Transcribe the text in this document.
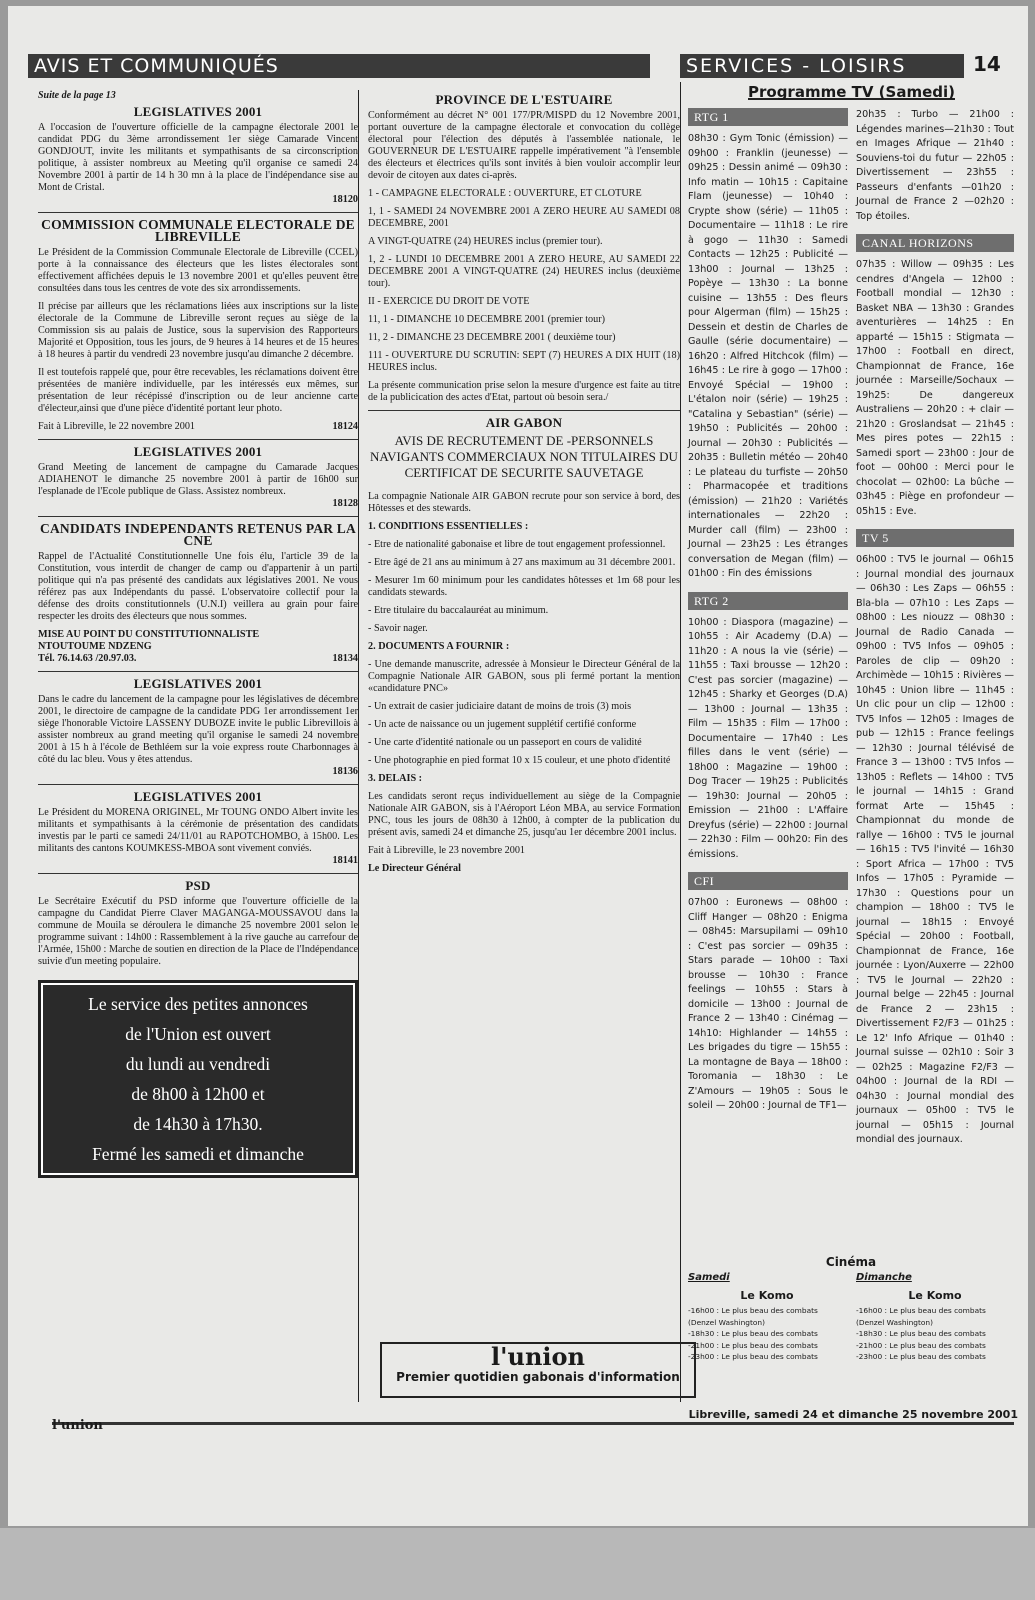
AVIS ET COMMUNIQUÉS	SERVICES - LOISIRS	14
Suite de la page 13
LEGISLATIVES 2001

A l'occasion de l'ouverture officielle de la campagne électorale 2001 le candidat PDG du 3ème arrondissement 1er siège Camarade Vincent GONDJOUT, invite les militants et sympathisants de sa circonscription politique, à assister nombreux au Meeting qu'il organise ce samedi 24 Novembre 2001 à partir de 14 h 30 mn à la place de l'indépendance sise au Mont de Cristal.

18120
COMMISSION COMMUNALE ELECTORALE DE LIBREVILLE

Le Président de la Commission Communale Electorale de Libreville (CCEL) porte à la connaissance des électeurs que les listes électorales sont effectivement affichées depuis le 13 novembre 2001 et qu'elles peuvent être consultées dans tous les centres de vote des six arrondissements.

Il précise par ailleurs que les réclamations liées aux inscriptions sur la liste électorale de la Commune de Libreville seront reçues au siège de la Commission sis au palais de Justice, sous la supervision des Rapporteurs Majorité et Opposition, tous les jours, de 9 heures à 14 heures et de 15 heures à 18 heures à partir du vendredi 23 novembre jusqu'au dimanche 2 décembre.

Il est toutefois rappelé que, pour être recevables, les réclamations doivent être présentées de manière individuelle, par les intéressés eux mêmes, sur présentation de leur récépissé d'inscription ou de leur ancienne carte d'électeur,ainsi que d'une pièce d'identité portant leur photo.

Fait à Libreville, le 22 novembre 2001	18124
LEGISLATIVES 2001

Grand Meeting de lancement de campagne du Camarade Jacques ADIAHENOT le dimanche 25 novembre 2001 à partir de 16h00 sur l'esplanade de l'Ecole publique de Glass. Assistez nombreux.

18128
CANDIDATS INDEPENDANTS RETENUS PAR LA CNE

Rappel de l'Actualité Constitutionnelle Une fois élu, l'article 39 de la Constitution, vous interdit de changer de camp ou d'appartenir à un parti politique qui n'a pas présenté des candidats aux législatives 2001. Ne vous référez pas aux Indépendants du passé. L'observatoire collectif pour la défense des droits constitutionnels (U.N.I) veillera au grain pour faire respecter les droits des électeurs que nous sommes.

MISE AU POINT DU CONSTITUTIONNALISTE
NTOUTOUME NDZENG
Tél. 76.14.63 /20.97.03.	18134
LEGISLATIVES 2001

Dans le cadre du lancement de la campagne pour les législatives de décembre 2001, le directoire de campagne de la candidate PDG 1er arrondissement 1er siège l'honorable Victoire LASSENY DUBOZE invite le public Librevillois à assister nombreux au grand meeting qu'il organise le samedi 24 novembre 2001 à 15 h à l'école de Bethléem sur la voie express route Charbonnages à côté du lac bleu. Vous y êtes attendus.

18136
LEGISLATIVES 2001

Le Président du MORENA ORIGINEL, Mr TOUNG ONDO Albert invite les militants et sympathisants à la cérémonie de présentation des candidats investis par le parti ce samedi 24/11/01 au RAPOTCHOMBO, à 15h00. Les militants des cantons KOUMKESS-MBOA sont vivement conviés.

18141
PSD

Le Secrétaire Exécutif du PSD informe que l'ouverture officielle de la campagne du Candidat Pierre Claver MAGANGA-MOUSSAVOU dans la commune de Mouila se déroulera le dimanche 25 novembre 2001 selon le programme suivant : 14h00 : Rassemblement à la rive gauche au carrefour de l'Armée, 15h00 : Marche de soutien en direction de la Place de l'Indépendance suivie d'un meeting populaire.

Le service des petites annonces
de l'Union est ouvert
du lundi au vendredi
de 8h00 à 12h00 et
de 14h30 à 17h30.
Fermé les samedi et dimanche
PROVINCE DE L'ESTUAIRE

Conformément au décret N° 001 177/PR/MISPD du 12 Novembre 2001, portant ouverture de la campagne électorale et convocation du collège électoral pour l'élection des députés à l'assemblée nationale, le GOUVERNEUR DE L'ESTUAIRE rappelle impérativement "à l'ensemble des électeurs et électrices qu'ils sont invités à bien vouloir accomplir leur devoir de citoyen aux dates ci-après.

1 - CAMPAGNE ELECTORALE : OUVERTURE, ET CLOTURE

1, 1 - SAMEDI 24 NOVEMBRE 2001 A ZERO HEURE AU SAMEDI 08 DECEMBRE, 2001

A VINGT-QUATRE (24) HEURES inclus (premier tour).

1, 2 - LUNDI 10 DECEMBRE 2001 A ZERO HEURE, AU SAMEDI 22 DECEMBRE 2001 A VINGT-QUATRE (24) HEURES inclus (deuxième tour).

II - EXERCICE DU DROIT DE VOTE

11, 1 - DIMANCHE 10 DECEMBRE 2001 (premier tour)

11, 2 - DIMANCHE 23 DECEMBRE 2001 ( deuxième tour)

111 - OUVERTURE DU SCRUTIN: SEPT (7) HEURES A DIX HUIT (18) HEURES inclus.

La présente communication prise selon la mesure d'urgence est faite au titre de la publicication des actes d'Etat, partout où besoin sera./

AIR GABON
AVIS DE RECRUTEMENT DE -PERSONNELS NAVIGANTS COMMERCIAUX NON TITULAIRES DU CERTIFICAT DE SECURITE SAUVETAGE

La compagnie Nationale AIR GABON recrute pour son service à bord, des Hôtesses et des stewards.

1. CONDITIONS ESSENTIELLES :

- Etre de nationalité gabonaise et libre de tout engagement professionnel.

- Etre âgé de 21 ans au minimum à 27 ans maximum au 31 décembre 2001.

- Mesurer 1m 60 minimum pour les candidates hôtesses et 1m 68 pour les candidats stewards.

- Etre titulaire du baccalauréat au minimum.

- Savoir nager.

2. DOCUMENTS A FOURNIR :

- Une demande manuscrite, adressée à Monsieur le Directeur Général de la Compagnie Nationale AIR GABON, sous pli fermé portant la mention «candidature PNC»

- Un extrait de casier judiciaire datant de moins de trois (3) mois

- Un acte de naissance ou un jugement supplétif certifié conforme

- Une carte d'identité nationale ou un passeport en cours de validité

- Une photographie en pied format 10 x 15 couleur, et une photo d'identité

3. DELAIS :

Les candidats seront reçus individuellement au siège de la Compagnie Nationale AIR GABON, sis à l'Aéroport Léon MBA, au service Formation PNC, tous les jours de 08h30 à 12h00, à compter de la publication du présent avis, samedi 24 et dimanche 25, jusqu'au 1er décembre 2001 inclus.

Fait à Libreville, le 23 novembre 2001

Le Directeur Général

l'union
Premier quotidien gabonais d'information
Programme TV (Samedi)
RTG 1
08h30 : Gym Tonic (émission) —09h00 : Franklin (jeunesse) — 09h25 : Dessin animé — 09h30 : Info matin — 10h15 : Capitaine Flam (jeunesse) — 10h40 : Crypte show (série) — 11h05 : Documentaire — 11h18 : Le rire à gogo — 11h30 : Samedi Contacts — 12h25 : Publicité — 13h00 : Journal — 13h25 : Popèye — 13h30 : La bonne cuisine — 13h55 : Des fleurs pour Algerman (film) — 15h25 : Dessein et destin de Charles de Gaulle (série documentaire) — 16h20 : Alfred Hitchcok (film) — 16h45 : Le rire à gogo — 17h00 : Envoyé Spécial — 19h00 : L'étalon noir (série) — 19h25 : "Catalina y Sebastian" (série) — 19h50 : Publicités — 20h00 : Journal — 20h30 : Publicités — 20h35 : Bulletin météo — 20h40 : Le plateau du turfiste — 20h50 : Pharmacopée et traditions (émission) — 21h20 : Variétés internationales — 22h20 : Murder call (film) — 23h00 : Journal — 23h25 : Les étranges conversation de Megan (film) — 01h00 : Fin des émissions
RTG 2
10h00 : Diaspora (magazine) — 10h55 : Air Academy (D.A) — 11h20 : A nous la vie (série) — 11h55 : Taxi brousse — 12h20 : C'est pas sorcier (magazine) — 12h45 : Sharky et Georges (D.A) — 13h00 : Journal — 13h35 : Film — 15h35 : Film — 17h00 : Documentaire — 17h40 : Les filles dans le vent (série) — 18h00 : Magazine — 19h00 : Dog Tracer — 19h25 : Publicités — 19h30: Journal — 20h05 : Emission — 21h00 : L'Affaire Dreyfus (série) — 22h00 : Journal — 22h30 : Film — 00h20: Fin des émissions.
CFI
07h00 : Euronews — 08h00 : Cliff Hanger — 08h20 : Enigma — 08h45: Marsupilami — 09h10 : C'est pas sorcier — 09h35 : Stars parade — 10h00 : Taxi brousse — 10h30 : France feelings — 10h55 : Stars à domicile — 13h00 : Journal de France 2 — 13h40 : Cinémag — 14h10: Highlander — 14h55 : Les brigades du tigre — 15h55 : La montagne de Baya — 18h00 : Toromania — 18h30 : Le Z'Amours — 19h05 : Sous le soleil — 20h00 : Journal de TF1—
20h35 : Turbo — 21h00 : Légendes marines—21h30 : Tout en Images Afrique — 21h40 : Souviens-toi du futur — 22h05 : Divertissement — 23h55 : Passeurs d'enfants —01h20 : Journal de France 2 —02h20 : Top étoiles.
CANAL HORIZONS
07h35 : Willow — 09h35 : Les cendres d'Angela — 12h00 : Football mondial — 12h30 : Basket NBA — 13h30 : Grandes aventurières — 14h25 : En apparté — 15h15 : Stigmata — 17h00 : Football en direct, Championnat de France, 16e journée : Marseille/Sochaux — 19h25: De dangereux Australiens — 20h20 : + clair — 21h20 : Groslandsat — 21h45 : Mes pires potes — 22h15 : Samedi sport — 23h00 : Jour de foot — 00h00 : Merci pour le chocolat — 02h00: La bûche — 03h45 : Piège en profondeur — 05h15 : Eve.
TV 5
06h00 : TV5 le journal — 06h15 : Journal mondial des journaux — 06h30 : Les Zaps — 06h55 : Bla-bla — 07h10 : Les Zaps — 08h00 : Les niouzz — 08h30 : Journal de Radio Canada — 09h00 : TV5 Infos — 09h05 : Paroles de clip — 09h20 : Archimède — 10h15 : Rivières — 10h45 : Union libre — 11h45 : Un clic pour un clip — 12h00 : TV5 Infos — 12h05 : Images de pub — 12h15 : France feelings — 12h30 : Journal télévisé de France 3 — 13h00 : TV5 Infos — 13h05 : Reflets — 14h00 : TV5 le journal — 14h15 : Grand format Arte — 15h45 : Championnat du monde de rallye — 16h00 : TV5 le journal — 16h15 : TV5 l'invité — 16h30 : Sport Africa — 17h00 : TV5 Infos — 17h05 : Pyramide — 17h30 : Questions pour un champion — 18h00 : TV5 le journal — 18h15 : Envoyé Spécial — 20h00 : Football, Championnat de France, 16e journée : Lyon/Auxerre — 22h00 : TV5 le Journal — 22h20 : Journal belge — 22h45 : Journal de France 2 — 23h15 : Divertissement F2/F3 — 01h25 : Le 12' Info Afrique — 01h40 : Journal suisse — 02h10 : Soir 3 — 02h25 : Magazine F2/F3 — 04h00 : Journal de la RDI — 04h30 : Journal mondial des journaux — 05h00 : TV5 le journal — 05h15 : Journal mondial des journaux.
Cinéma
Samedi
Le Komo
-16h00 : Le plus beau des combats (Denzel Washington)
-18h30 : Le plus beau des combats
-21h00 : Le plus beau des combats
-23h00 : Le plus beau des combats
Dimanche
Le Komo
-16h00 : Le plus beau des combats (Denzel Washington)
-18h30 : Le plus beau des combats
-21h00 : Le plus beau des combats
-23h00 : Le plus beau des combats
l'union
Libreville, samedi 24 et dimanche 25 novembre 2001
